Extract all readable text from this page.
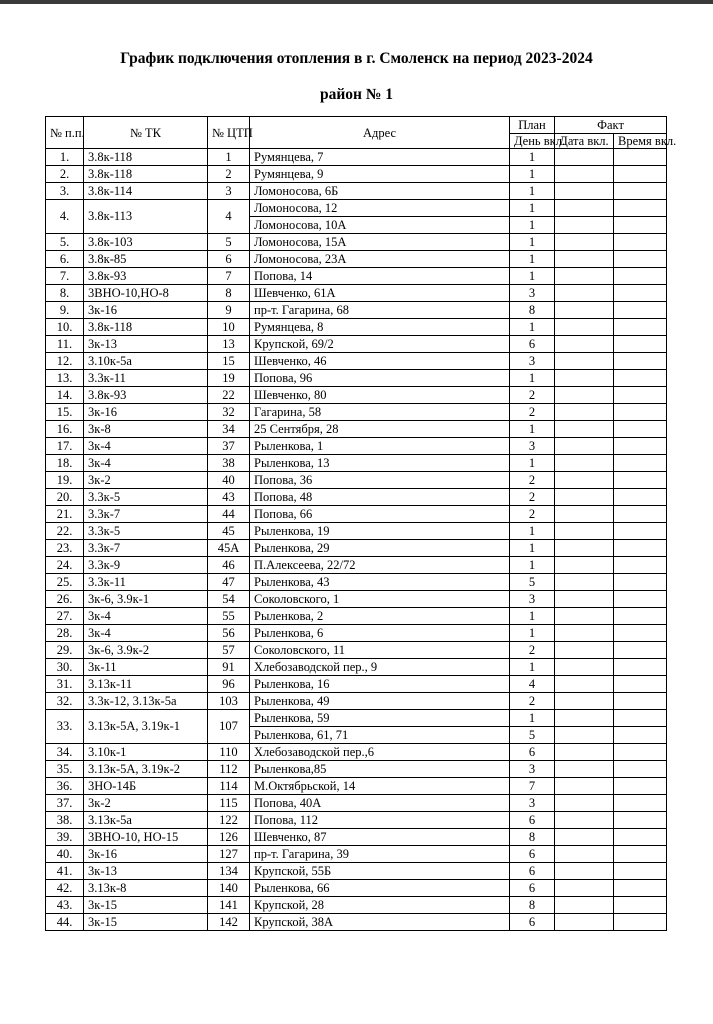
График подключения отопления в г. Смоленск на период 2023-2024
район № 1
№ п.п.	№ ТК	№ ЦТП	Адрес	План	Факт	
				День вкл.	Дата вкл.	Время вкл.
1.	3.8к-118	1	Румянцева, 7	1		
2.	3.8к-118	2	Румянцева, 9	1		
3.	3.8к-114	3	Ломоносова, 6Б	1		
4.	3.8к-113	4	Ломоносова, 12	1		
			Ломоносова, 10А	1		
5.	3.8к-103	5	Ломоносова, 15А	1		
6.	3.8к-85	6	Ломоносова, 23А	1		
7.	3.8к-93	7	Попова, 14	1		
8.	3ВНО-10,НО-8	8	Шевченко, 61А	3		
9.	3к-16	9	пр-т. Гагарина, 68	8		
10.	3.8к-118	10	Румянцева, 8	1		
11.	3к-13	13	Крупской, 69/2	6		
12.	3.10к-5а	15	Шевченко, 46	3		
13.	3.3к-11	19	Попова, 96	1		
14.	3.8к-93	22	Шевченко, 80	2		
15.	3к-16	32	Гагарина, 58	2		
16.	3к-8	34	25 Сентября, 28	1		
17.	3к-4	37	Рыленкова, 1	3		
18.	3к-4	38	Рыленкова, 13	1		
19.	3к-2	40	Попова, 36	2		
20.	3.3к-5	43	Попова, 48	2		
21.	3.3к-7	44	Попова, 66	2		
22.	3.3к-5	45	Рыленкова, 19	1		
23.	3.3к-7	45А	Рыленкова, 29	1		
24.	3.3к-9	46	П.Алексеева, 22/72	1		
25.	3.3к-11	47	Рыленкова, 43	5		
26.	3к-6, 3.9к-1	54	Соколовского, 1	3		
27.	3к-4	55	Рыленкова, 2	1		
28.	3к-4	56	Рыленкова, 6	1		
29.	3к-6, 3.9к-2	57	Соколовского, 11	2		
30.	3к-11	91	Хлебозаводской пер., 9	1		
31.	3.13к-11	96	Рыленкова, 16	4		
32.	3.3к-12, 3.13к-5а	103	Рыленкова, 49	2		
33.	3.13к-5А, 3.19к-1	107	Рыленкова, 59	1		
			Рыленкова, 61, 71	5		
34.	3.10к-1	110	Хлебозаводской пер.,6	6		
35.	3.13к-5А, 3.19к-2	112	Рыленкова,85	3		
36.	3НО-14Б	114	М.Октябрьской, 14	7		
37.	3к-2	115	Попова, 40А	3		
38.	3.13к-5а	122	Попова, 112	6		
39.	3ВНО-10, НО-15	126	Шевченко, 87	8		
40.	3к-16	127	пр-т. Гагарина, 39	6		
41.	3к-13	134	Крупской, 55Б	6		
42.	3.13к-8	140	Рыленкова, 66	6		
43.	3к-15	141	Крупской, 28	8		
44.	3к-15	142	Крупской, 38А	6		
